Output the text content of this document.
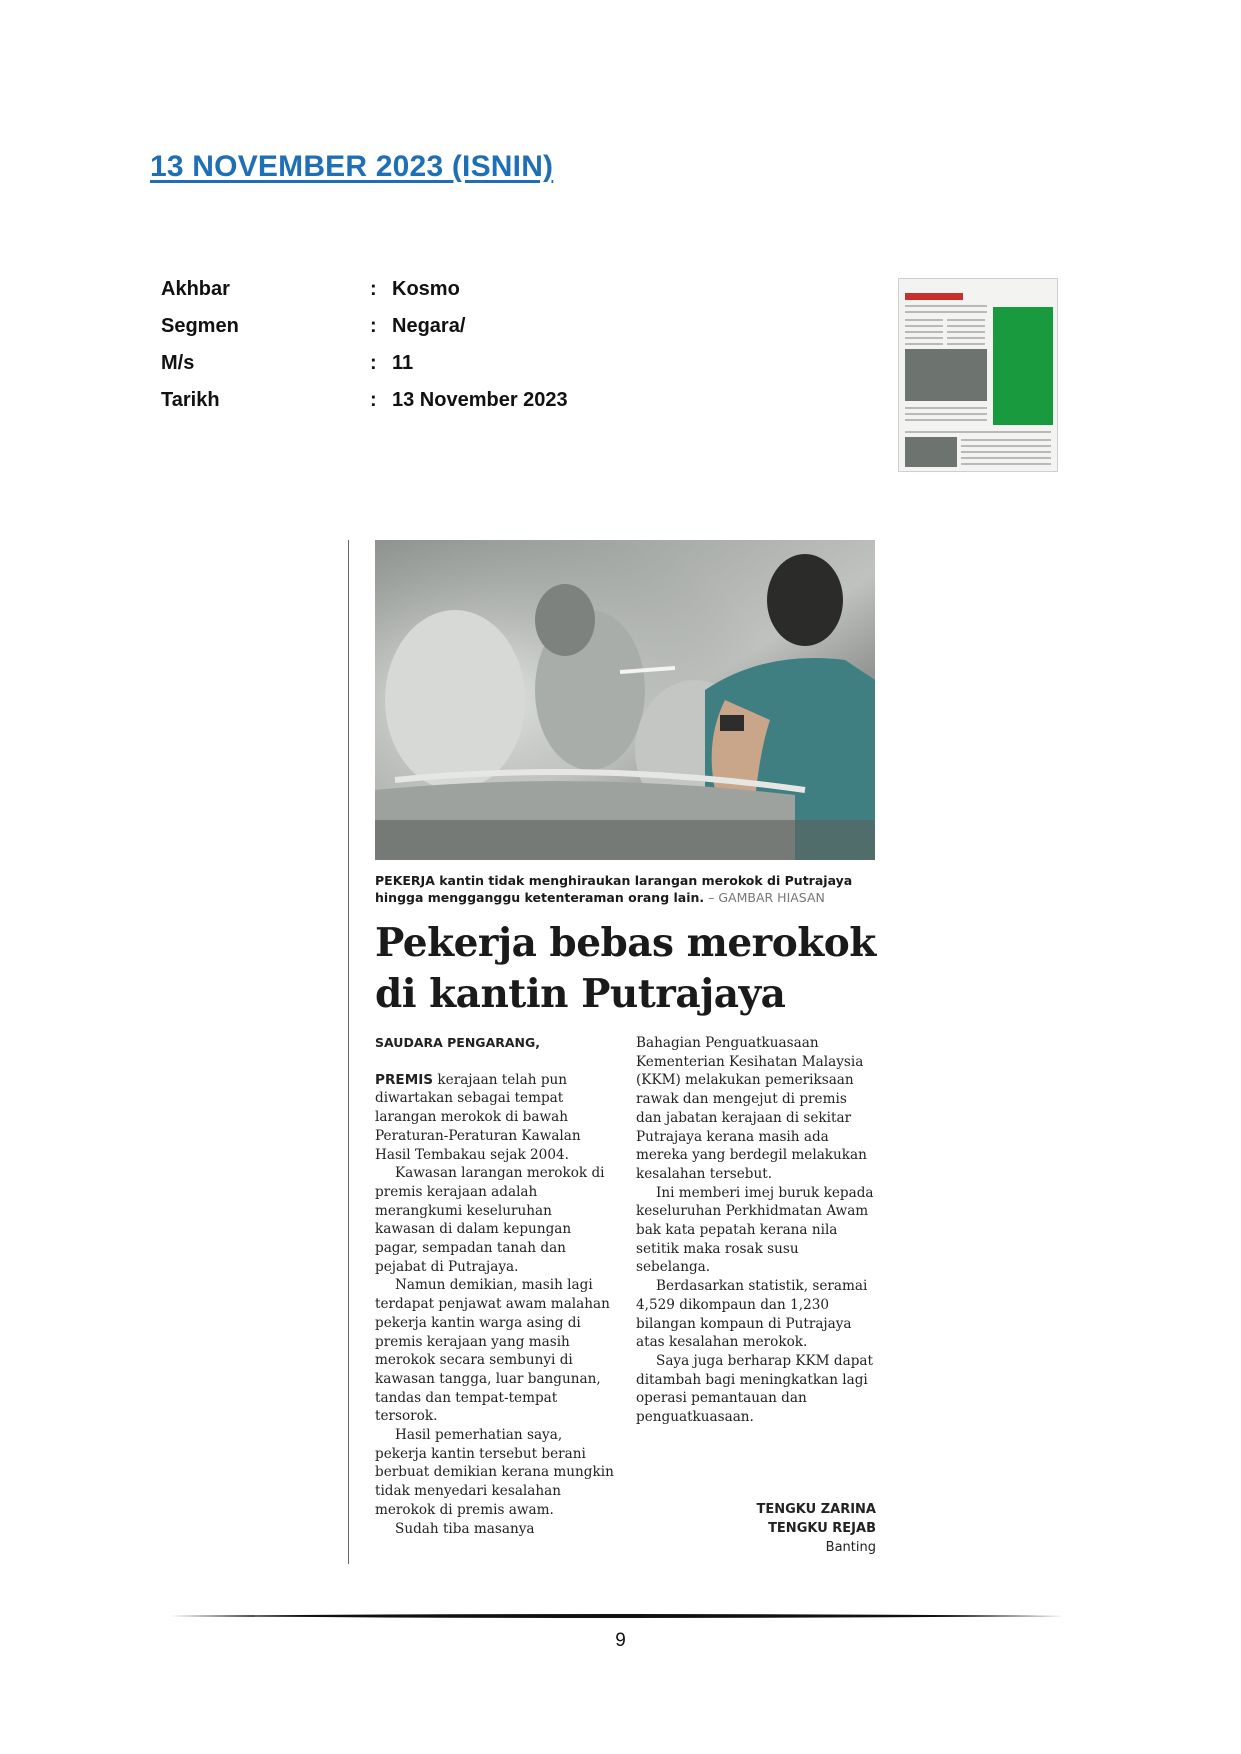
13 NOVEMBER 2023 (ISNIN)
Akhbar	: Kosmo
Segmen	: Negara/
M/s	: 11
Tarikh	: 13 November 2023
PEKERJA kantin tidak menghiraukan larangan merokok di Putrajaya hingga mengganggu ketenteraman orang lain. – GAMBAR HIASAN
Pekerja bebas merokok di kantin Putrajaya

SAUDARA PENGARANG,

PREMIS kerajaan telah pun diwartakan sebagai tempat larangan merokok di bawah Peraturan-Peraturan Kawalan Hasil Tembakau sejak 2004.

Kawasan larangan merokok di premis kerajaan adalah merangkumi keseluruhan kawasan di dalam kepungan pagar, sempadan tanah dan pejabat di Putrajaya.

Namun demikian, masih lagi terdapat penjawat awam malahan pekerja kantin warga asing di premis kerajaan yang masih merokok secara sembunyi di kawasan tangga, luar bangunan, tandas dan tempat-tempat tersorok.

Hasil pemerhatian saya, pekerja kantin tersebut berani berbuat demikian kerana mungkin tidak menyedari kesalahan merokok di premis awam.

Sudah tiba masanya

Bahagian Penguatkuasaan Kementerian Kesihatan Malaysia (KKM) melakukan pemeriksaan rawak dan mengejut di premis dan jabatan kerajaan di sekitar Putrajaya kerana masih ada mereka yang berdegil melakukan kesalahan tersebut.

Ini memberi imej buruk kepada keseluruhan Perkhidmatan Awam bak kata pepatah kerana nila setitik maka rosak susu sebelanga.

Berdasarkan statistik, seramai 4,529 dikompaun dan 1,230 bilangan kompaun di Putrajaya atas kesalahan merokok.

Saya juga berharap KKM dapat ditambah bagi meningkatkan lagi operasi pemantauan dan penguatkuasaan.

TENGKU ZARINA
TENGKU REJAB
Banting
9
